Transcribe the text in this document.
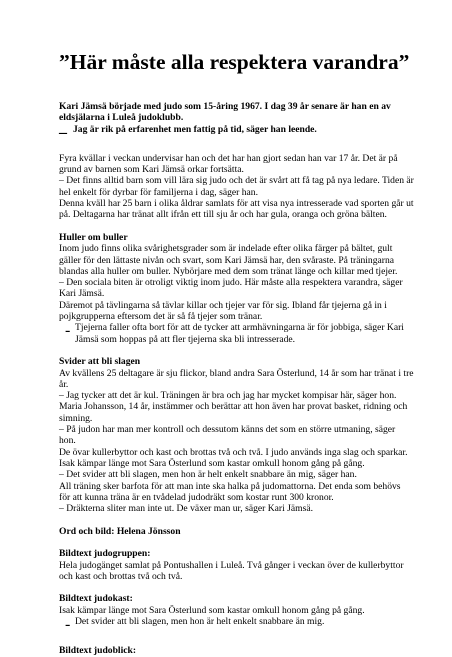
”Här måste alla respektera varandra”

Kari Jämsä började med judo som 15-åring 1967. I dag 39 år senare är han en av eldsjälarna i Luleå judoklubb.

– Jag är rik på erfarenhet men fattig på tid, säger han leende.

Fyra kvällar i veckan undervisar han och det har han gjort sedan han var 17 år. Det är på grund av barnen som Kari Jämsä orkar fortsätta.

– Det finns alltid barn som vill lära sig judo och det är svårt att få tag på nya ledare. Tiden är hel enkelt för dyrbar för familjerna i dag, säger han.

Denna kväll har 25 barn i olika åldrar samlats för att visa nya intresserade vad sporten går ut på. Deltagarna har tränat allt ifrån ett till sju år och har gula, oranga och gröna bälten.

Huller om buller

Inom judo finns olika svårighetsgrader som är indelade efter olika färger på bältet, gult gäller för den lättaste nivån och svart, som Kari Jämsä har, den svåraste. På träningarna blandas alla huller om buller. Nybörjare med dem som tränat länge och killar med tjejer.

– Den sociala biten är otroligt viktig inom judo. Här måste alla respektera varandra, säger Kari Jämsä.

Däremot på tävlingarna så tävlar killar och tjejer var för sig. Ibland får tjejerna gå in i pojkgrupperna eftersom det är så få tjejer som tränar.

- Tjejerna faller ofta bort för att de tycker att armhävningarna är för jobbiga, säger Kari Jämsä som hoppas på att fler tjejerna ska bli intresserade.

Svider att bli slagen

Av kvällens 25 deltagare är sju flickor, bland andra Sara Österlund, 14 år som har tränat i tre år.

– Jag tycker att det är kul. Träningen är bra och jag har mycket kompisar här, säger hon.

Maria Johansson, 14 år, instämmer och berättar att hon även har provat basket, ridning och simning.

– På judon har man mer kontroll och dessutom känns det som en större utmaning, säger hon.

De övar kullerbyttor och kast och brottas två och två. I judo används inga slag och sparkar.

Isak kämpar länge mot Sara Österlund som kastar omkull honom gång på gång.

– Det svider att bli slagen, men hon är helt enkelt snabbare än mig, säger han.

All träning sker barfota för att man inte ska halka på judomattorna. Det enda som behövs för att kunna träna är en tvådelad judodräkt som kostar runt 300 kronor.

– Dräkterna sliter man inte ut. De växer man ur, säger Kari Jämsä.

Ord och bild: Helena Jönsson

Bildtext judogruppen:

Hela judogänget samlat på Pontushallen i Luleå. Två gånger i veckan över de kullerbyttor och kast och brottas två och två.

Bildtext judokast:

Isak kämpar länge mot Sara Österlund som kastar omkull honom gång på gång.

- Det svider att bli slagen, men hon är helt enkelt snabbare än mig.

Bildtext judoblick:
